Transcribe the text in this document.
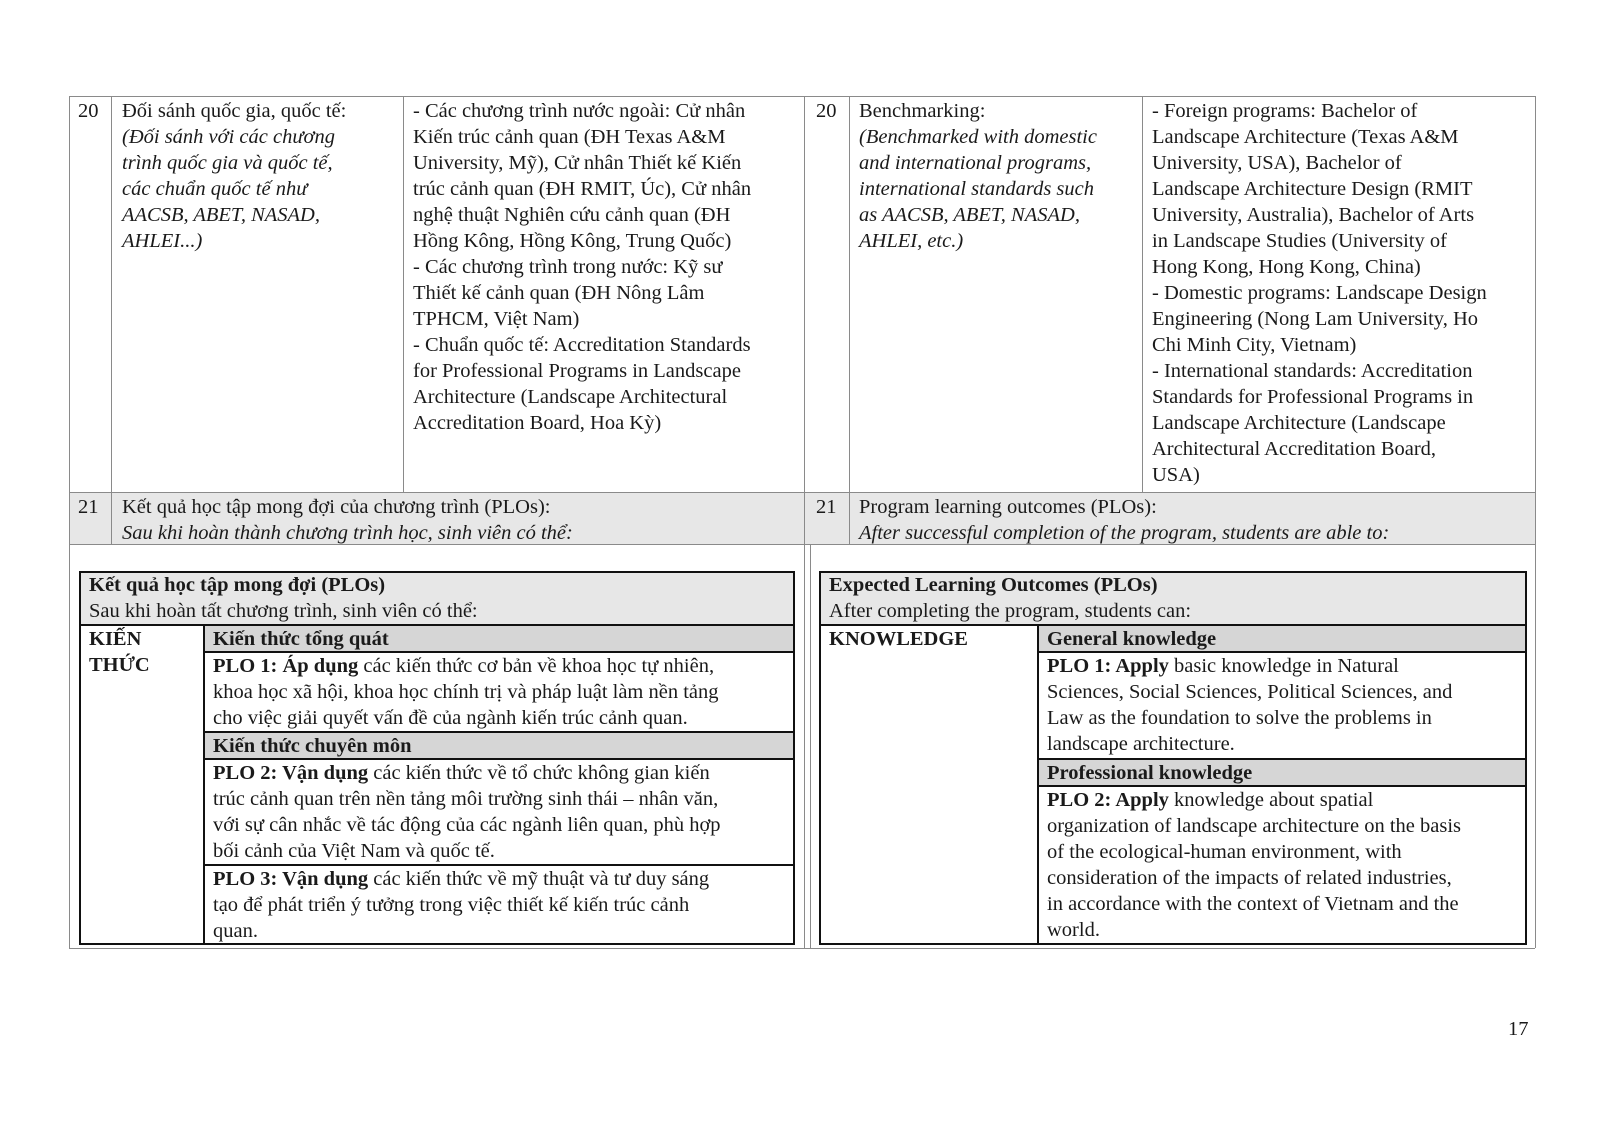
20 Đối sánh quốc gia, quốc tế:
(Đối sánh với các chương
trình quốc gia và quốc tế,
các chuẩn quốc tế như
AACSB, ABET, NASAD,
AHLEI...)
- Các chương trình nước ngoài: Cử nhân
Kiến trúc cảnh quan (ĐH Texas A&M
University, Mỹ), Cử nhân Thiết kế Kiến
trúc cảnh quan (ĐH RMIT, Úc), Cử nhân
nghệ thuật Nghiên cứu cảnh quan (ĐH
Hồng Kông, Hồng Kông, Trung Quốc)
- Các chương trình trong nước: Kỹ sư
Thiết kế cảnh quan (ĐH Nông Lâm
TPHCM, Việt Nam)
- Chuẩn quốc tế: Accreditation Standards
for Professional Programs in Landscape
Architecture (Landscape Architectural
Accreditation Board, Hoa Kỳ)
20 Benchmarking:
(Benchmarked with domestic
and international programs,
international standards such
as AACSB, ABET, NASAD,
AHLEI, etc.)
- Foreign programs: Bachelor of
Landscape Architecture (Texas A&M
University, USA), Bachelor of
Landscape Architecture Design (RMIT
University, Australia), Bachelor of Arts
in Landscape Studies (University of
Hong Kong, Hong Kong, China)
- Domestic programs: Landscape Design
Engineering (Nong Lam University, Ho
Chi Minh City, Vietnam)
- International standards: Accreditation
Standards for Professional Programs in
Landscape Architecture (Landscape
Architectural Accreditation Board,
USA)
21 Kết quả học tập mong đợi của chương trình (PLOs):
Sau khi hoàn thành chương trình học, sinh viên có thể:
21 Program learning outcomes (PLOs):
After successful completion of the program, students are able to:
Kết quả học tập mong đợi (PLOs)
Sau khi hoàn tất chương trình, sinh viên có thể:
KIẾN
THỨC
Kiến thức tổng quát
PLO 1: Áp dụng các kiến thức cơ bản về khoa học tự nhiên,
khoa học xã hội, khoa học chính trị và pháp luật làm nền tảng
cho việc giải quyết vấn đề của ngành kiến trúc cảnh quan.
Kiến thức chuyên môn
PLO 2: Vận dụng các kiến thức về tổ chức không gian kiến
trúc cảnh quan trên nền tảng môi trường sinh thái – nhân văn,
với sự cân nhắc về tác động của các ngành liên quan, phù hợp
bối cảnh của Việt Nam và quốc tế.
PLO 3: Vận dụng các kiến thức về mỹ thuật và tư duy sáng
tạo để phát triển ý tưởng trong việc thiết kế kiến trúc cảnh
quan.
Expected Learning Outcomes (PLOs)
After completing the program, students can:
KNOWLEDGE	General knowledge
PLO 1: Apply basic knowledge in Natural
Sciences, Social Sciences, Political Sciences, and
Law as the foundation to solve the problems in
landscape architecture.
Professional knowledge
PLO 2: Apply knowledge about spatial
organization of landscape architecture on the basis
of the ecological-human environment, with
consideration of the impacts of related industries,
in accordance with the context of Vietnam and the
world.
17
